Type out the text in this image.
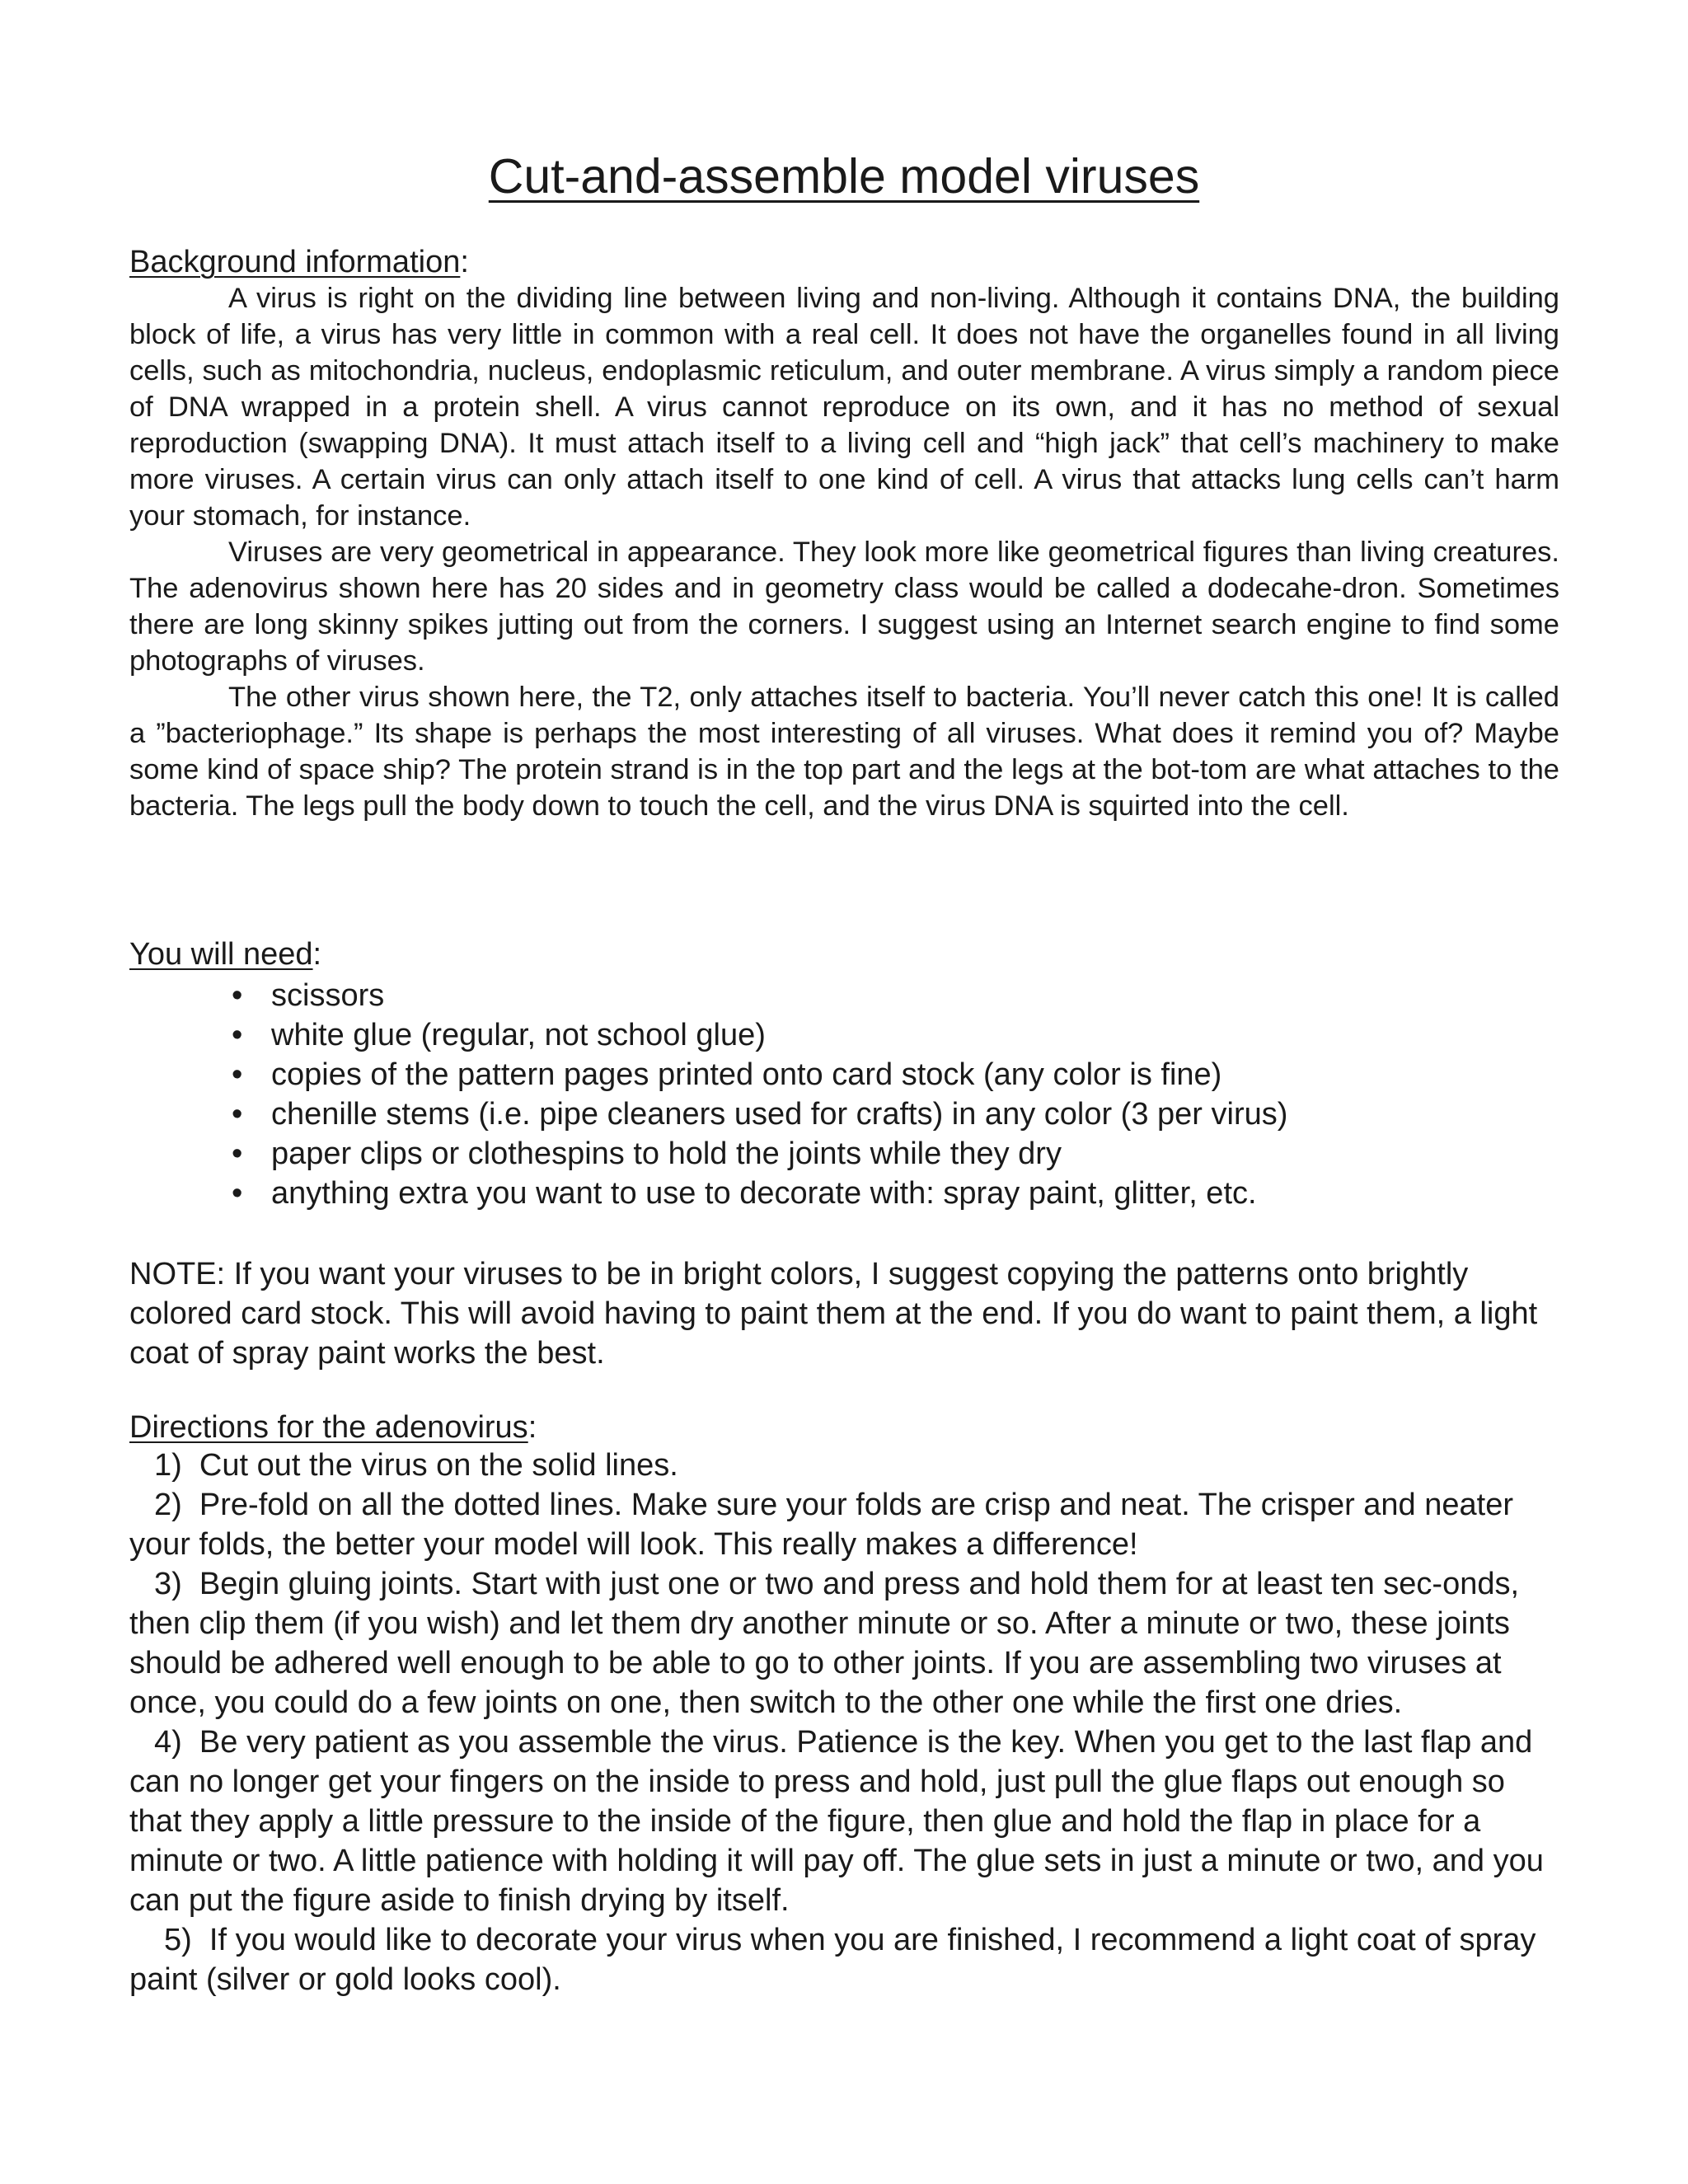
Cut-and-assemble model viruses
Background information:

A virus is right on the dividing line between living and non-living. Although it contains DNA, the building block of life, a virus has very little in common with a real cell. It does not have the organelles found in all living cells, such as mitochondria, nucleus, endoplasmic reticulum, and outer membrane. A virus simply a random piece of DNA wrapped in a protein shell. A virus cannot reproduce on its own, and it has no method of sexual reproduction (swapping DNA). It must attach itself to a living cell and “high jack” that cell’s machinery to make more viruses. A certain virus can only attach itself to one kind of cell. A virus that attacks lung cells can’t harm your stomach, for instance.

Viruses are very geometrical in appearance. They look more like geometrical figures than living creatures. The adenovirus shown here has 20 sides and in geometry class would be called a dodecahe-dron. Sometimes there are long skinny spikes jutting out from the corners. I suggest using an Internet search engine to find some photographs of viruses.

The other virus shown here, the T2, only attaches itself to bacteria. You’ll never catch this one! It is called a ”bacteriophage.” Its shape is perhaps the most interesting of all viruses. What does it remind you of? Maybe some kind of space ship? The protein strand is in the top part and the legs at the bot-tom are what attaches to the bacteria. The legs pull the body down to touch the cell, and the virus DNA is squirted into the cell.

You will need:
• scissors
• white glue (regular, not school glue)
• copies of the pattern pages printed onto card stock (any color is fine)
• chenille stems (i.e. pipe cleaners used for crafts) in any color (3 per virus)
• paper clips or clothespins to hold the joints while they dry
• anything extra you want to use to decorate with: spray paint, glitter, etc.

NOTE: If you want your viruses to be in bright colors, I suggest copying the patterns onto brightly colored card stock. This will avoid having to paint them at the end. If you do want to paint them, a light coat of spray paint works the best.

Directions for the adenovirus:

1) Cut out the virus on the solid lines.

2) Pre-fold on all the dotted lines. Make sure your folds are crisp and neat. The crisper and neater your folds, the better your model will look. This really makes a difference!

3) Begin gluing joints. Start with just one or two and press and hold them for at least ten sec-onds, then clip them (if you wish) and let them dry another minute or so. After a minute or two, these joints should be adhered well enough to be able to go to other joints. If you are assembling two viruses at once, you could do a few joints on one, then switch to the other one while the first one dries.

4) Be very patient as you assemble the virus. Patience is the key. When you get to the last flap and can no longer get your fingers on the inside to press and hold, just pull the glue flaps out enough so that they apply a little pressure to the inside of the figure, then glue and hold the flap in place for a minute or two. A little patience with holding it will pay off. The glue sets in just a minute or two, and you can put the figure aside to finish drying by itself.

5) If you would like to decorate your virus when you are finished, I recommend a light coat of spray paint (silver or gold looks cool).
